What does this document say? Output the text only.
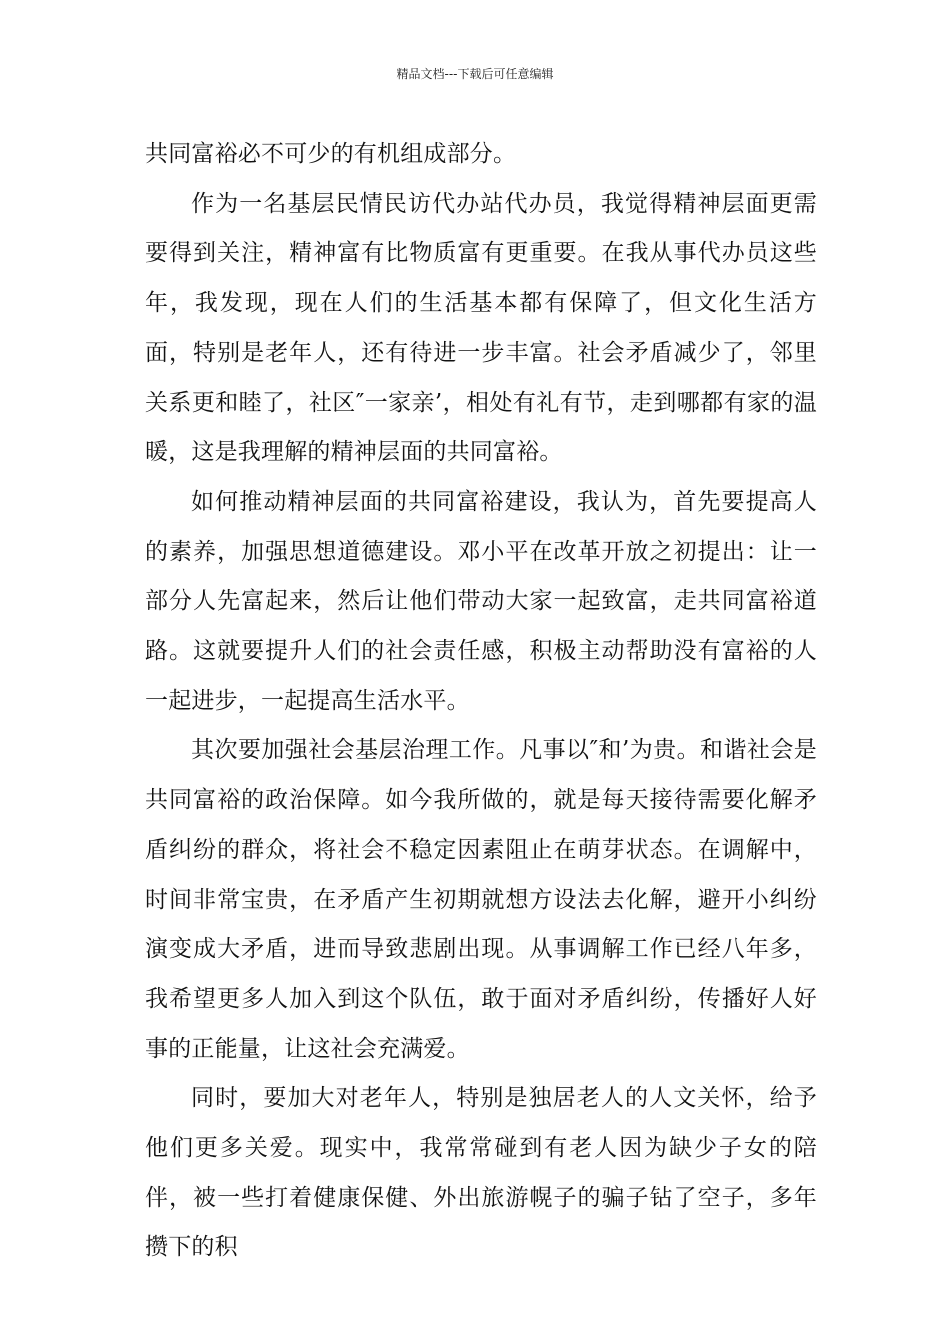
精品文档---下载后可任意编辑

共同富裕必不可少的有机组成部分。

作为一名基层民情民访代办站代办员，我觉得精神层面更需要得到关注，精神富有比物质富有更重要。在我从事代办员这些年，我发现，现在人们的生活基本都有保障了，但文化生活方面，特别是老年人，还有待进一步丰富。社会矛盾减少了，邻里关系更和睦了，社区″一家亲’，相处有礼有节，走到哪都有家的温暖，这是我理解的精神层面的共同富裕。

如何推动精神层面的共同富裕建设，我认为，首先要提高人的素养，加强思想道德建设。邓小平在改革开放之初提出：让一部分人先富起来，然后让他们带动大家一起致富，走共同富裕道路。这就要提升人们的社会责任感，积极主动帮助没有富裕的人一起进步，一起提高生活水平。

其次要加强社会基层治理工作。凡事以″和’为贵。和谐社会是共同富裕的政治保障。如今我所做的，就是每天接待需要化解矛盾纠纷的群众，将社会不稳定因素阻止在萌芽状态。在调解中，时间非常宝贵，在矛盾产生初期就想方设法去化解，避开小纠纷演变成大矛盾，进而导致悲剧出现。从事调解工作已经八年多，我希望更多人加入到这个队伍，敢于面对矛盾纠纷，传播好人好事的正能量，让这社会充满爱。

同时，要加大对老年人，特别是独居老人的人文关怀，给予他们更多关爱。现实中，我常常碰到有老人因为缺少子女的陪伴，被一些打着健康保健、外出旅游幌子的骗子钻了空子，多年攒下的积
